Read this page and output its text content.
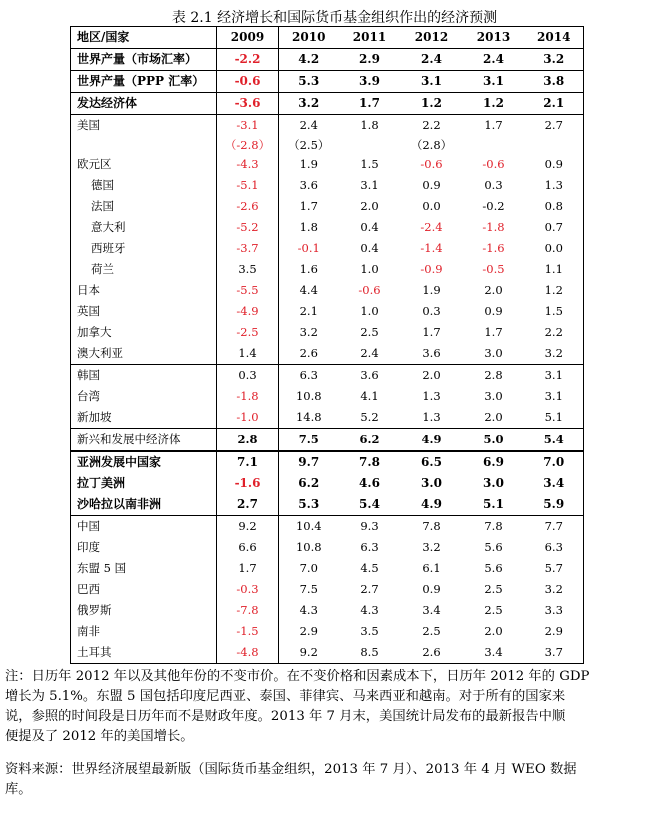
表 2.1 经济增长和国际货币基金组织作出的经济预测
地区/国家	2009	2010	2011	2012	2013	2014
世界产量（市场汇率）	-2.2	4.2	2.9	2.4	2.4	3.2
世界产量（PPP 汇率）	-0.6	5.3	3.9	3.1	3.1	3.8
发达经济体	-3.6	3.2	1.7	1.2	1.2	2.1
美国	-3.1	2.4	1.8	2.2	1.7	2.7
	（-2.8）	（2.5）		（2.8）		
欧元区	-4.3	1.9	1.5	-0.6	-0.6	0.9
德国	-5.1	3.6	3.1	0.9	0.3	1.3
法国	-2.6	1.7	2.0	0.0	-0.2	0.8
意大利	-5.2	1.8	0.4	-2.4	-1.8	0.7
西班牙	-3.7	-0.1	0.4	-1.4	-1.6	0.0
荷兰	3.5	1.6	1.0	-0.9	-0.5	1.1
日本	-5.5	4.4	-0.6	1.9	2.0	1.2
英国	-4.9	2.1	1.0	0.3	0.9	1.5
加拿大	-2.5	3.2	2.5	1.7	1.7	2.2
澳大利亚	1.4	2.6	2.4	3.6	3.0	3.2
韩国	0.3	6.3	3.6	2.0	2.8	3.1
台湾	-1.8	10.8	4.1	1.3	3.0	3.1
新加坡	-1.0	14.8	5.2	1.3	2.0	5.1
新兴和发展中经济体	2.8	7.5	6.2	4.9	5.0	5.4
亚洲发展中国家	7.1	9.7	7.8	6.5	6.9	7.0
拉丁美洲	-1.6	6.2	4.6	3.0	3.0	3.4
沙哈拉以南非洲	2.7	5.3	5.4	4.9	5.1	5.9
中国	9.2	10.4	9.3	7.8	7.8	7.7
印度	6.6	10.8	6.3	3.2	5.6	6.3
东盟 5 国	1.7	7.0	4.5	6.1	5.6	5.7
巴西	-0.3	7.5	2.7	0.9	2.5	3.2
俄罗斯	-7.8	4.3	4.3	3.4	2.5	3.3
南非	-1.5	2.9	3.5	2.5	2.0	2.9
土耳其	-4.8	9.2	8.5	2.6	3.4	3.7
注：日历年 2012 年以及其他年份的不变市价。在不变价格和因素成本下，日历年 2012 年的 GDP
增长为 5.1%。东盟 5 国包括印度尼西亚、泰国、菲律宾、马来西亚和越南。对于所有的国家来
说，参照的时间段是日历年而不是财政年度。2013 年 7 月末，美国统计局发布的最新报告中顺
便提及了 2012 年的美国增长。
资料来源：世界经济展望最新版（国际货币基金组织，2013 年 7 月）、2013 年 4 月 WEO 数据
库。
